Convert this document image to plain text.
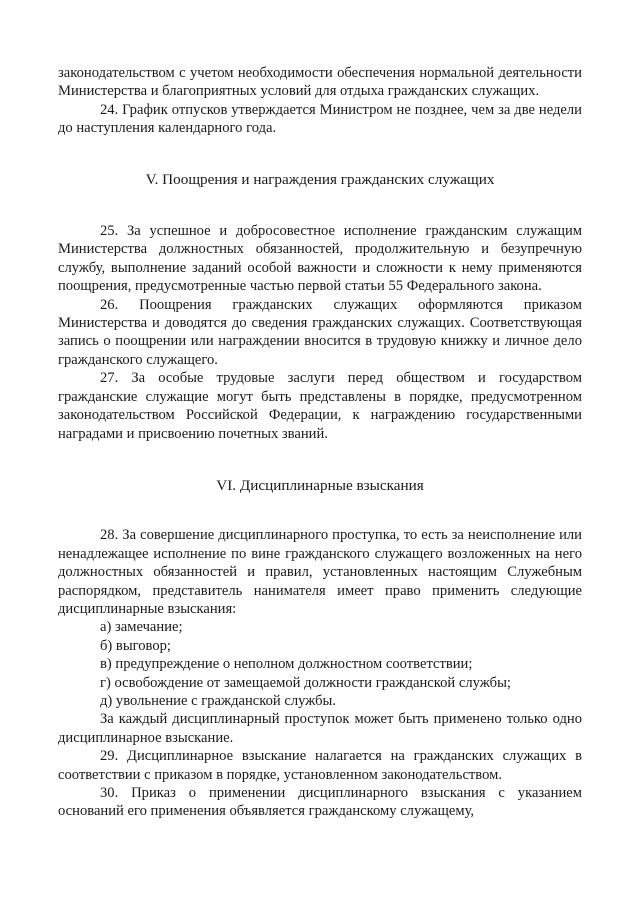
законодательством с учетом необходимости обеспечения нормальной деятельности Министерства и благоприятных условий для отдыха гражданских служащих.

24. График отпусков утверждается Министром не позднее, чем за две недели до наступления календарного года.

V. Поощрения и награждения гражданских служащих

25. За успешное и добросовестное исполнение гражданским служащим Министерства должностных обязанностей, продолжительную и безупречную службу, выполнение заданий особой важности и сложности к нему применяются поощрения, предусмотренные частью первой статьи 55 Федерального закона.

26. Поощрения гражданских служащих оформляются приказом Министерства и доводятся до сведения гражданских служащих. Соответствующая запись о поощрении или награждении вносится в трудовую книжку и личное дело гражданского служащего.

27. За особые трудовые заслуги перед обществом и государством гражданские служащие могут быть представлены в порядке, предусмотренном законодательством Российской Федерации, к награждению государственными наградами и присвоению почетных званий.

VI. Дисциплинарные взыскания

28. За совершение дисциплинарного проступка, то есть за неисполнение или ненадлежащее исполнение по вине гражданского служащего возложенных на него должностных обязанностей и правил, установленных настоящим Служебным распорядком, представитель нанимателя имеет право применить следующие дисциплинарные взыскания:

а) замечание;

б) выговор;

в) предупреждение о неполном должностном соответствии;

г) освобождение от замещаемой должности гражданской службы;

д) увольнение с гражданской службы.

За каждый дисциплинарный проступок может быть применено только одно дисциплинарное взыскание.

29. Дисциплинарное взыскание налагается на гражданских служащих в соответствии с приказом в порядке, установленном законодательством.

30. Приказ о применении дисциплинарного взыскания с указанием оснований его применения объявляется гражданскому служащему,
